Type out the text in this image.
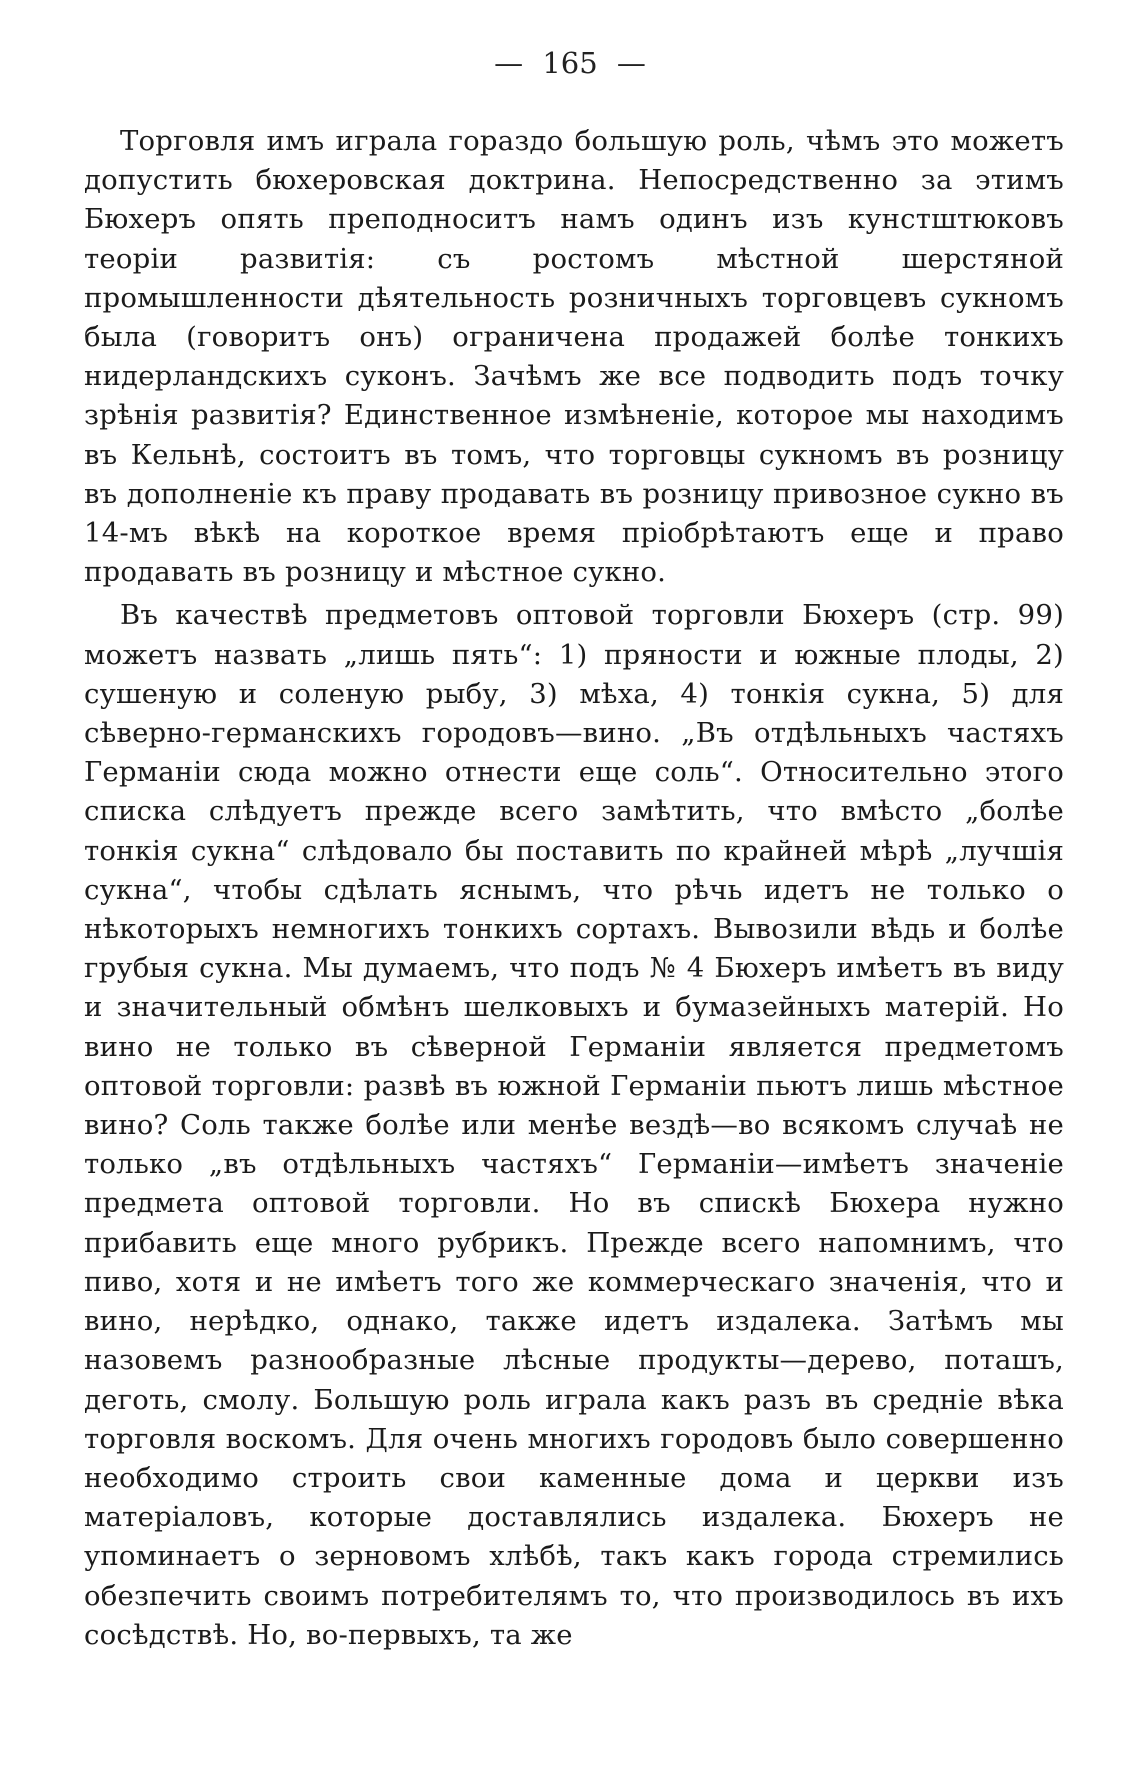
— 165 —

Торговля имъ играла гораздо большую роль, чѣмъ это можетъ допустить бюхеровская доктрина. Непосредственно за этимъ Бюхеръ опять преподноситъ намъ одинъ изъ кунстштюковъ теоріи развитія: съ ростомъ мѣстной шерстяной промышленности дѣятельность розничныхъ торговцевъ сукномъ была (говоритъ онъ) ограничена продажей болѣе тонкихъ нидерландскихъ суконъ. Зачѣмъ же все подводить подъ точку зрѣнія развитія? Единственное измѣненіе, которое мы находимъ въ Кельнѣ, состоитъ въ томъ, что торговцы сукномъ въ розницу въ дополненіе къ праву продавать въ розницу привозное сукно въ 14-мъ вѣкѣ на короткое время пріобрѣтаютъ еще и право продавать въ розницу и мѣстное сукно.

Въ качествѣ предметовъ оптовой торговли Бюхеръ (стр. 99) можетъ назвать „лишь пять“: 1) пряности и южные плоды, 2) сушеную и соленую рыбу, 3) мѣха, 4) тонкія сукна, 5) для сѣверно-германскихъ городовъ—вино. „Въ отдѣльныхъ частяхъ Германіи сюда можно отнести еще соль“. Относительно этого списка слѣдуетъ прежде всего замѣтить, что вмѣсто „болѣе тонкія сукна“ слѣдовало бы поставить по крайней мѣрѣ „лучшія сукна“, чтобы сдѣлать яснымъ, что рѣчь идетъ не только о нѣкоторыхъ немногихъ тонкихъ сортахъ. Вывозили вѣдь и болѣе грубыя сукна. Мы думаемъ, что подъ № 4 Бюхеръ имѣетъ въ виду и значительный обмѣнъ шелковыхъ и бумазейныхъ матерій. Но вино не только въ сѣверной Германіи является предметомъ оптовой торговли: развѣ въ южной Германіи пьютъ лишь мѣстное вино? Соль также болѣе или менѣе вездѣ—во всякомъ случаѣ не только „въ отдѣльныхъ частяхъ“ Германіи—имѣетъ значеніе предмета оптовой торговли. Но въ спискѣ Бюхера нужно прибавить еще много рубрикъ. Прежде всего напомнимъ, что пиво, хотя и не имѣетъ того же коммерческаго значенія, что и вино, нерѣдко, однако, также идетъ издалека. Затѣмъ мы назовемъ разнообразные лѣсные продукты—дерево, поташъ, деготь, смолу. Большую роль играла какъ разъ въ средніе вѣка торговля воскомъ. Для очень многихъ городовъ было совершенно необходимо строить свои каменные дома и церкви изъ матеріаловъ, которые доставлялись издалека. Бюхеръ не упоминаетъ о зерновомъ хлѣбѣ, такъ какъ города стремились обезпечить своимъ потребителямъ то, что производилось въ ихъ сосѣдствѣ. Но, во-первыхъ, та же
